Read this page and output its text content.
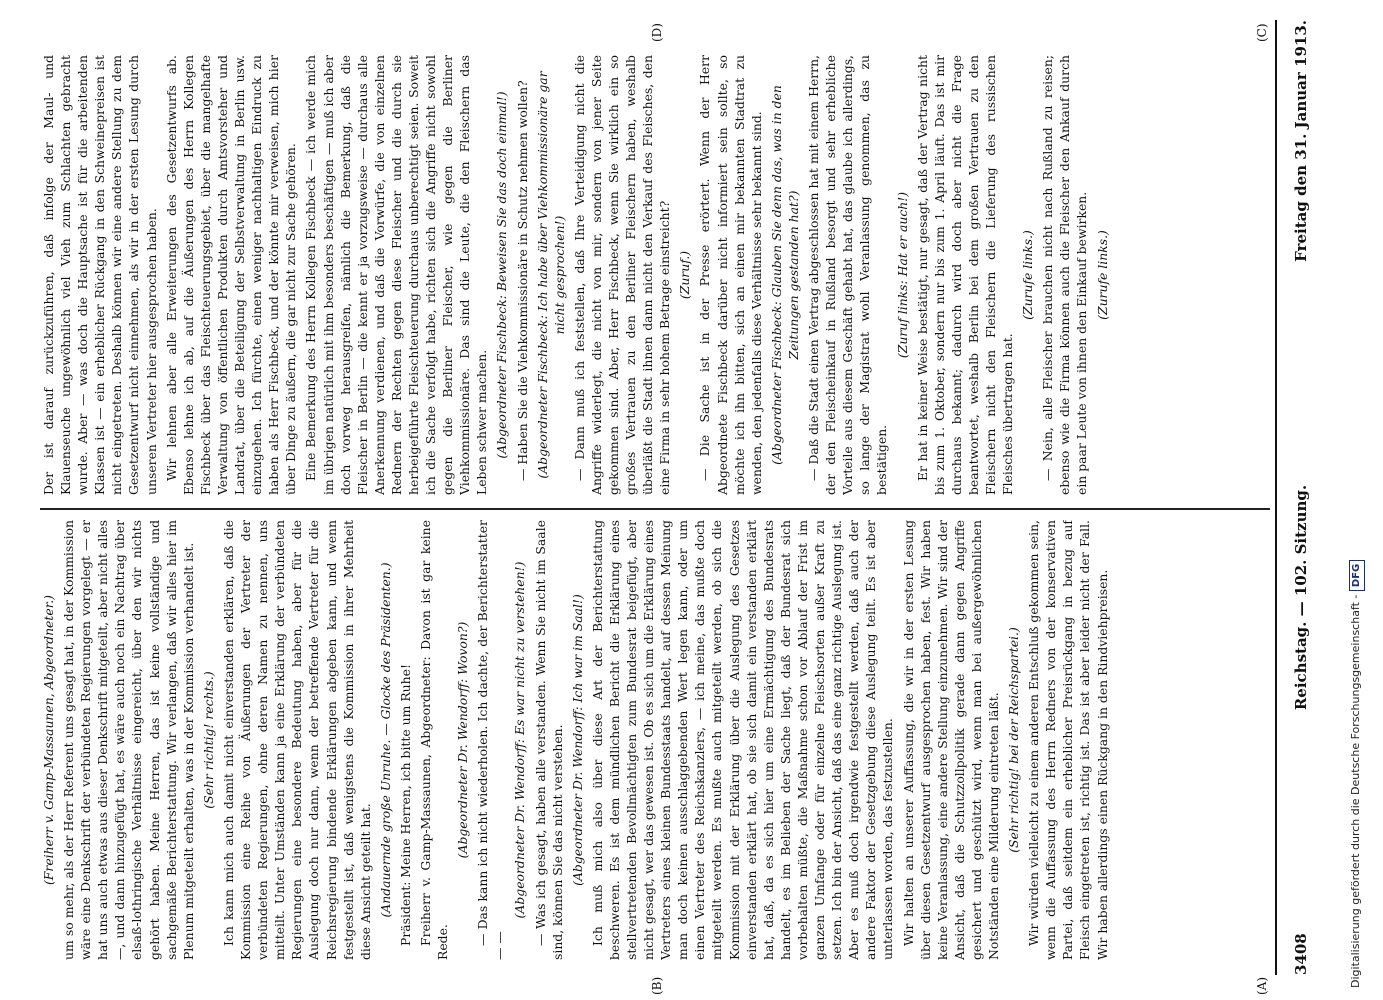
Digitalisierung gefördert durch die Deutsche Forschungsgemeinschaft - DFG
3408
Reichstag. — 102. Sitzung.
Freitag den 31. Januar 1913.
(A)
(B)
(C)
(D)

(Freiherr v. Gamp-Massaunen, Abgeordneter.) um so mehr, als der Herr Referent uns gesagt hat, in der Kommission wäre eine Denkschrift der verbündeten Regierungen vorgelegt — er hat uns auch etwas aus dieser Denkschrift mitgeteilt, aber nicht alles —, und dann hinzugefügt hat, es wäre auch noch ein Nachtrag über elsaß-lothringische Verhältnisse eingereicht, über den wir nichts gehört haben. Meine Herren, das ist keine vollständige und sachgemäße Berichterstattung. Wir verlangen, daß wir alles hier im Plenum mitgeteilt erhalten, was in der Kommission verhandelt ist. (Sehr richtig! rechts.) Ich kann mich auch damit nicht einverstanden erklären, daß die Kommission eine Reihe von Äußerungen der Vertreter der verbündeten Regierungen, ohne deren Namen zu nennen, uns mitteilt. Unter Umständen kann ja eine Erklärung der verbündeten Regierungen eine besondere Bedeutung haben, aber für die Auslegung doch nur dann, wenn der betreffende Vertreter für die Reichsregierung bindende Erklärungen abgeben kann, und wenn festgestellt ist, daß wenigstens die Kommission in ihrer Mehrheit diese Ansicht geteilt hat. (Andauernde große Unruhe. — Glocke des Präsidenten.) Präsident: Meine Herren, ich bitte um Ruhe! Freiherr v. Gamp-Massaunen, Abgeordneter: Davon ist gar keine Rede.

(Abgeordneter Dr. Wendorff: Wovon?) — Das kann ich nicht wiederholen. Ich dachte, der Berichterstatter — —

(Abgeordneter Dr. Wendorff: Es war nicht zu verstehen!) — Was ich gesagt, haben alle verstanden. Wenn Sie nicht im Saale sind, können Sie das nicht verstehen. (Abgeordneter Dr. Wendorff: Ich war im Saal!) Ich muß mich also über diese Art der Berichterstattung beschweren. Es ist dem mündlichen Bericht die Erklärung eines stellvertretenden Bevollmächtigten zum Bundesrat beigefügt, aber nicht gesagt, wer das gewesen ist. Ob es sich um die Erklärung eines Vertreters eines kleinen Bundesstaats handelt, auf dessen Meinung man doch keinen ausschlaggebenden Wert legen kann, oder um einen Vertreter des Reichskanzlers, — ich meine, das mußte doch mitgeteilt werden. Es mußte auch mitgeteilt werden, ob sich die Kommission mit der Erklärung über die Auslegung des Gesetzes einverstanden erklärt hat, ob sie sich damit ein verstanden erklärt hat, daß, da es sich hier um eine Ermächtigung des Bundesrats handelt, es im Belieben der Sache liegt, daß der Bundesrat sich vorbehalten müßte, die Maßnahme schon vor Ablauf der Frist im ganzen Umfange oder für einzelne Fleischsorten außer Kraft zu setzen. Ich bin der Ansicht, daß das eine ganz richtige Auslegung ist. Aber es muß doch irgendwie festgestellt werden, daß auch der andere Faktor der Gesetzgebung diese Auslegung teilt. Es ist aber unterlassen worden, das festzustellen. Wir halten an unserer Auffassung, die wir in der ersten Lesung über diesen Gesetzentwurf ausgesprochen haben, fest. Wir haben keine Veranlassung, eine andere Stellung einzunehmen. Wir sind der Ansicht, daß die Schutzzollpolitik gerade dann gegen Angriffe gesichert und geschützt wird, wenn man bei außergewöhnlichen Notständen eine Milderung eintreten läßt. (Sehr richtig! bei der Reichspartei.) Wir würden vielleicht zu einem anderen Entschluß gekommen sein, wenn die Auffassung des Herrn Redners von der konservativen Partei, daß seitdem ein erheblicher Preisrückgang in bezug auf Fleisch eingetreten ist, richtig ist. Das ist aber leider nicht der Fall. Wir haben allerdings einen Rückgang in den Rindviehpreisen.

Der ist darauf zurückzuführen, daß infolge der Maul- und Klauenseuche ungewöhnlich viel Vieh zum Schlachten gebracht wurde. Aber — was doch die Hauptsache ist für die arbeitenden Klassen ist — ein erheblicher Rückgang in den Schweinepreisen ist nicht eingetreten. Deshalb können wir eine andere Stellung zu dem Gesetzentwurf nicht einnehmen, als wir in der ersten Lesung durch unseren Vertreter hier ausgesprochen haben. Wir lehnen aber alle Erweiterungen des Gesetzentwurfs ab. Ebenso lehne ich ab, auf die Äußerungen des Herrn Kollegen Fischbeck über das Fleischteuerungsgebiet, über die mangelhafte Verwaltung von öffentlichen Produkten durch Amtsvorsteher und Landrat, über die Beteiligung der Selbstverwaltung in Berlin usw. einzugehen. Ich fürchte, einen weniger nachhaltigen Eindruck zu haben als Herr Fischbeck, und der könnte mir verweisen, mich hier über Dinge zu äußern, die gar nicht zur Sache gehören. Eine Bemerkung des Herrn Kollegen Fischbeck — ich werde mich im übrigen natürlich mit ihm besonders beschäftigen — muß ich aber doch vorweg herausgreifen, nämlich die Bemerkung, daß die Fleischer in Berlin — die kennt er ja vorzugsweise — durchaus alle Anerkennung verdienen, und daß die Vorwürfe, die von einzelnen Rednern der Rechten gegen diese Fleischer und die durch sie herbeigeführte Fleischteuerung durchaus unberechtigt seien. Soweit ich die Sache verfolgt habe, richten sich die Angriffe nicht sowohl gegen die Berliner Fleischer, wie gegen die Berliner Viehkommissionäre. Das sind die Leute, die den Fleischern das Leben schwer machen. (Abgeordneter Fischbeck: Beweisen Sie das doch einmal!) — Haben Sie die Viehkommissionäre in Schutz nehmen wollen? (Abgeordneter Fischbeck: Ich habe über Viehkommissionäre gar nicht gesprochen!) — Dann muß ich feststellen, daß Ihre Verteidigung nicht die Angriffe widerlegt, die nicht von mir, sondern von jener Seite gekommen sind. Aber, Herr Fischbeck, wenn Sie wirklich ein so großes Vertrauen zu den Berliner Fleischern haben, weshalb überläßt die Stadt ihnen dann nicht den Verkauf des Fleisches, den eine Firma in sehr hohem Betrage einstreicht? (Zuruf.) — Die Sache ist in der Presse erörtert. Wenn der Herr Abgeordnete Fischbeck darüber nicht informiert sein sollte, so möchte ich ihn bitten, sich an einen mir bekannten Stadtrat zu wenden, den jedenfalls diese Verhältnisse sehr bekannt sind. (Abgeordneter Fischbeck: Glauben Sie denn das, was in den Zeitungen gestanden hat?) — Daß die Stadt einen Vertrag abgeschlossen hat mit einem Herrn, der den Fleischeinkauf in Rußland besorgt und sehr erhebliche Vorteile aus diesem Geschäft gehabt hat, das glaube ich allerdings, so lange der Magistrat wohl Veranlassung genommen, das zu bestätigen.

(Zuruf links: Hat er auch!) Er hat in keiner Weise bestätigt, nur gesagt, daß der Vertrag nicht bis zum 1. Oktober, sondern nur bis zum 1. April läuft. Das ist mir durchaus bekannt; dadurch wird doch aber nicht die Frage beantwortet, weshalb Berlin bei dem großen Vertrauen zu den Fleischern nicht den Fleischern die Lieferung des russischen Fleisches übertragen hat.

(Zurufe links.) — Nein, alle Fleischer brauchen nicht nach Rußland zu reisen; ebenso wie die Firma können auch die Fleischer den Ankauf durch ein paar Leute von ihnen den Einkauf bewirken. (Zurufe links.)
